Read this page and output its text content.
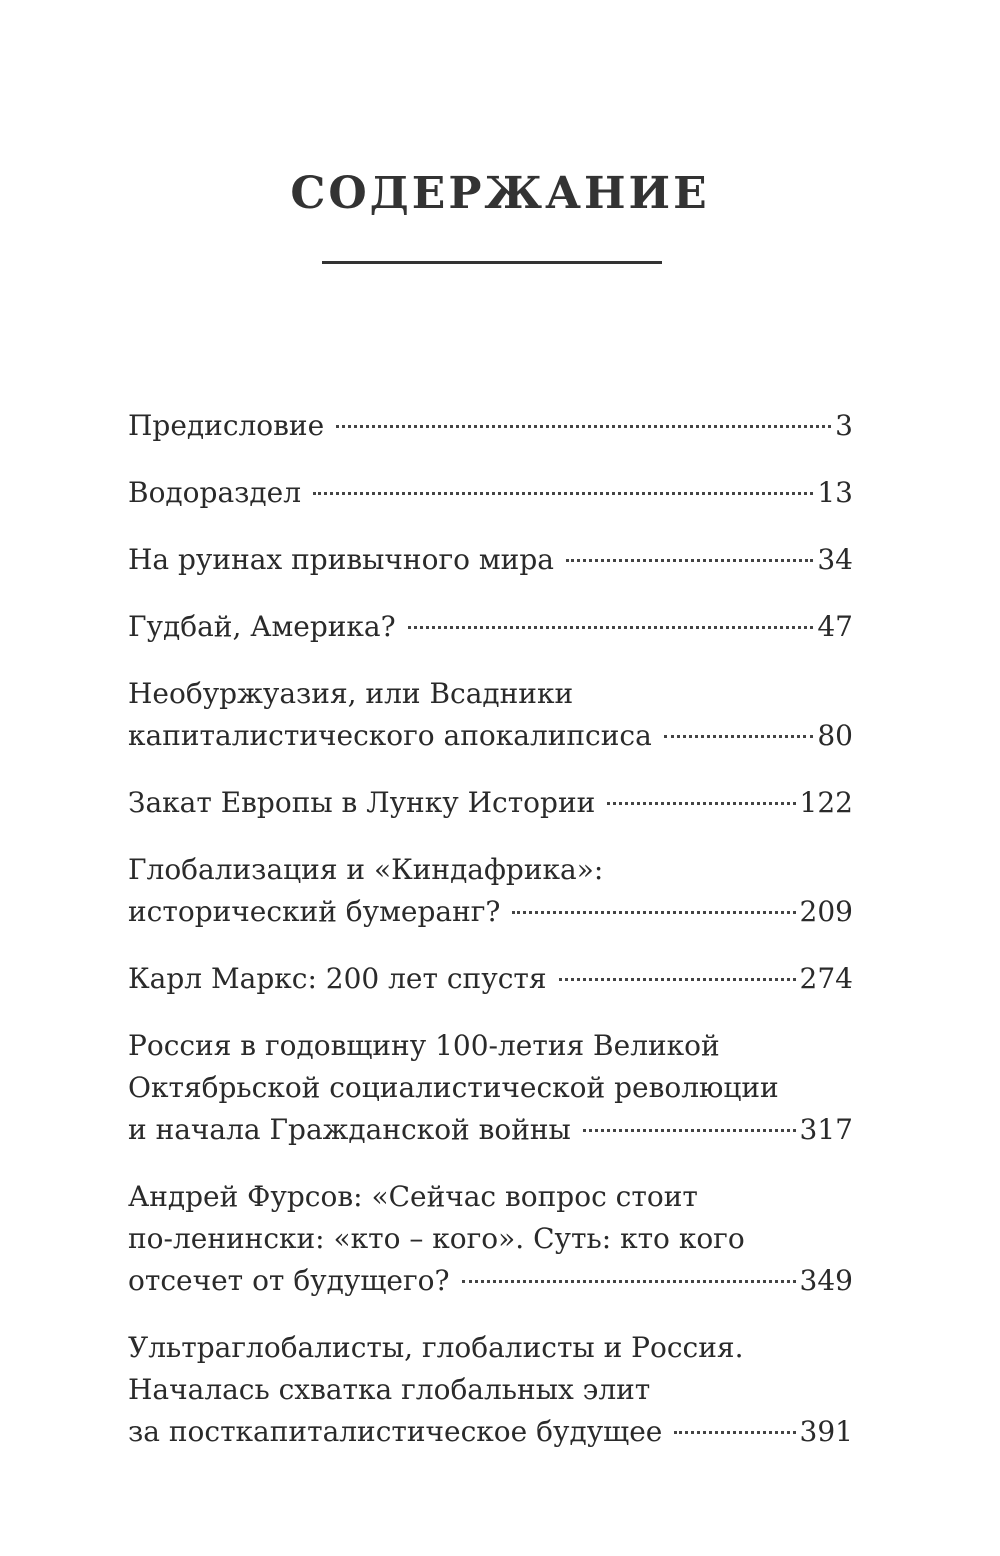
СОДЕРЖАНИЕ
Предисловие	3
Водораздел	13
На руинах привычного мира	34
Гудбай, Америка?	47
Необуржуазия, или Всадники
капиталистического апокалипсиса	80
Закат Европы в Лунку Истории	122
Глобализация и «Киндафрика»:
исторический бумеранг?	209
Карл Маркс: 200 лет спустя	274
Россия в годовщину 100-летия Великой
Октябрьской социалистической революции
и начала Гражданской войны	317
Андрей Фурсов: «Сейчас вопрос стоит
по-ленински: «кто – кого». Суть: кто кого
отсечет от будущего?	349
Ультраглобалисты, глобалисты и Россия.
Началась схватка глобальных элит
за посткапиталистическое будущее	391
